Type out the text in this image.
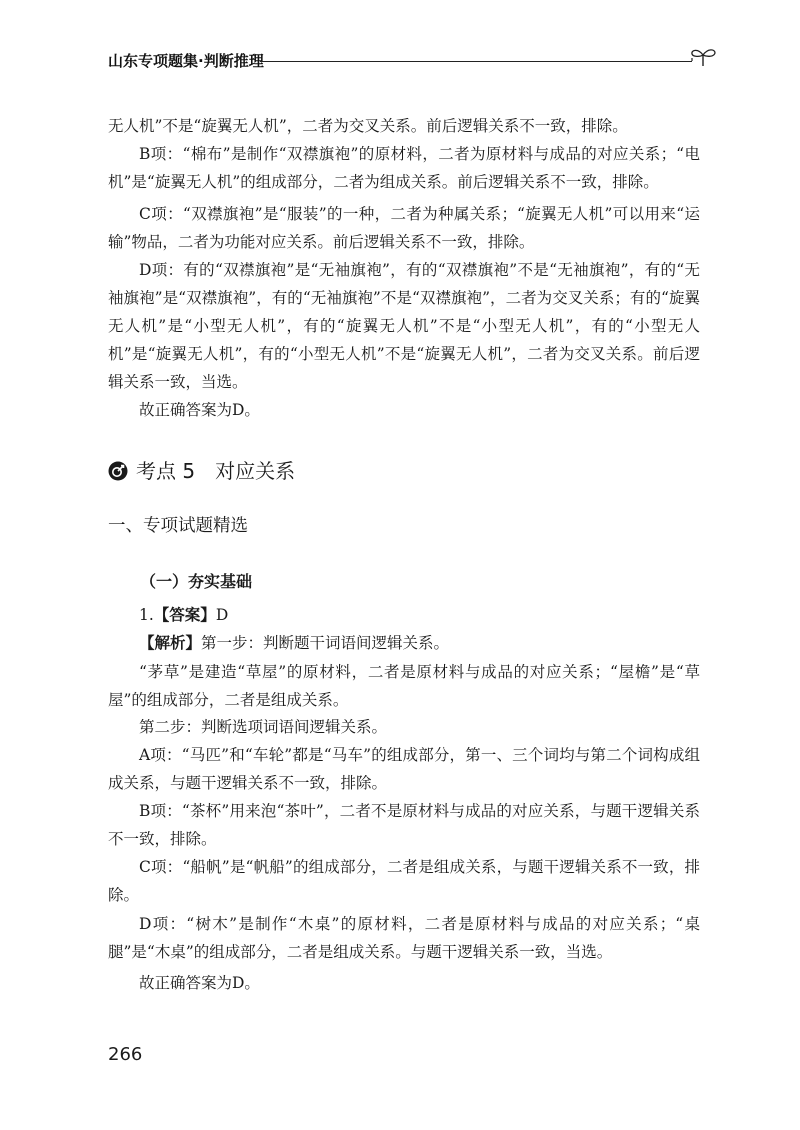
山东专项题集·判断推理
无人机”不是“旋翼无人机”，二者为交叉关系。前后逻辑关系不一致，排除。
B项：“棉布”是制作“双襟旗袍”的原材料，二者为原材料与成品的对应关系；“电机”是“旋翼无人机”的组成部分，二者为组成关系。前后逻辑关系不一致，排除。
C项：“双襟旗袍”是“服装”的一种，二者为种属关系；“旋翼无人机”可以用来“运输”物品，二者为功能对应关系。前后逻辑关系不一致，排除。
D项：有的“双襟旗袍”是“无袖旗袍”，有的“双襟旗袍”不是“无袖旗袍”，有的“无袖旗袍”是“双襟旗袍”，有的“无袖旗袍”不是“双襟旗袍”，二者为交叉关系；有的“旋翼无人机”是“小型无人机”，有的“旋翼无人机”不是“小型无人机”，有的“小型无人机”是“旋翼无人机”，有的“小型无人机”不是“旋翼无人机”，二者为交叉关系。前后逻辑关系一致，当选。
故正确答案为D。
考点 5　对应关系
一、专项试题精选
（一）夯实基础
1.【答案】D
【解析】第一步：判断题干词语间逻辑关系。
“茅草”是建造“草屋”的原材料，二者是原材料与成品的对应关系；“屋檐”是“草屋”的组成部分，二者是组成关系。
第二步：判断选项词语间逻辑关系。
A项：“马匹”和“车轮”都是“马车”的组成部分，第一、三个词均与第二个词构成组成关系，与题干逻辑关系不一致，排除。
B项：“茶杯”用来泡“茶叶”，二者不是原材料与成品的对应关系，与题干逻辑关系不一致，排除。
C项：“船帆”是“帆船”的组成部分，二者是组成关系，与题干逻辑关系不一致，排除。
D项：“树木”是制作“木桌”的原材料，二者是原材料与成品的对应关系；“桌腿”是“木桌”的组成部分，二者是组成关系。与题干逻辑关系一致，当选。
故正确答案为D。
266
